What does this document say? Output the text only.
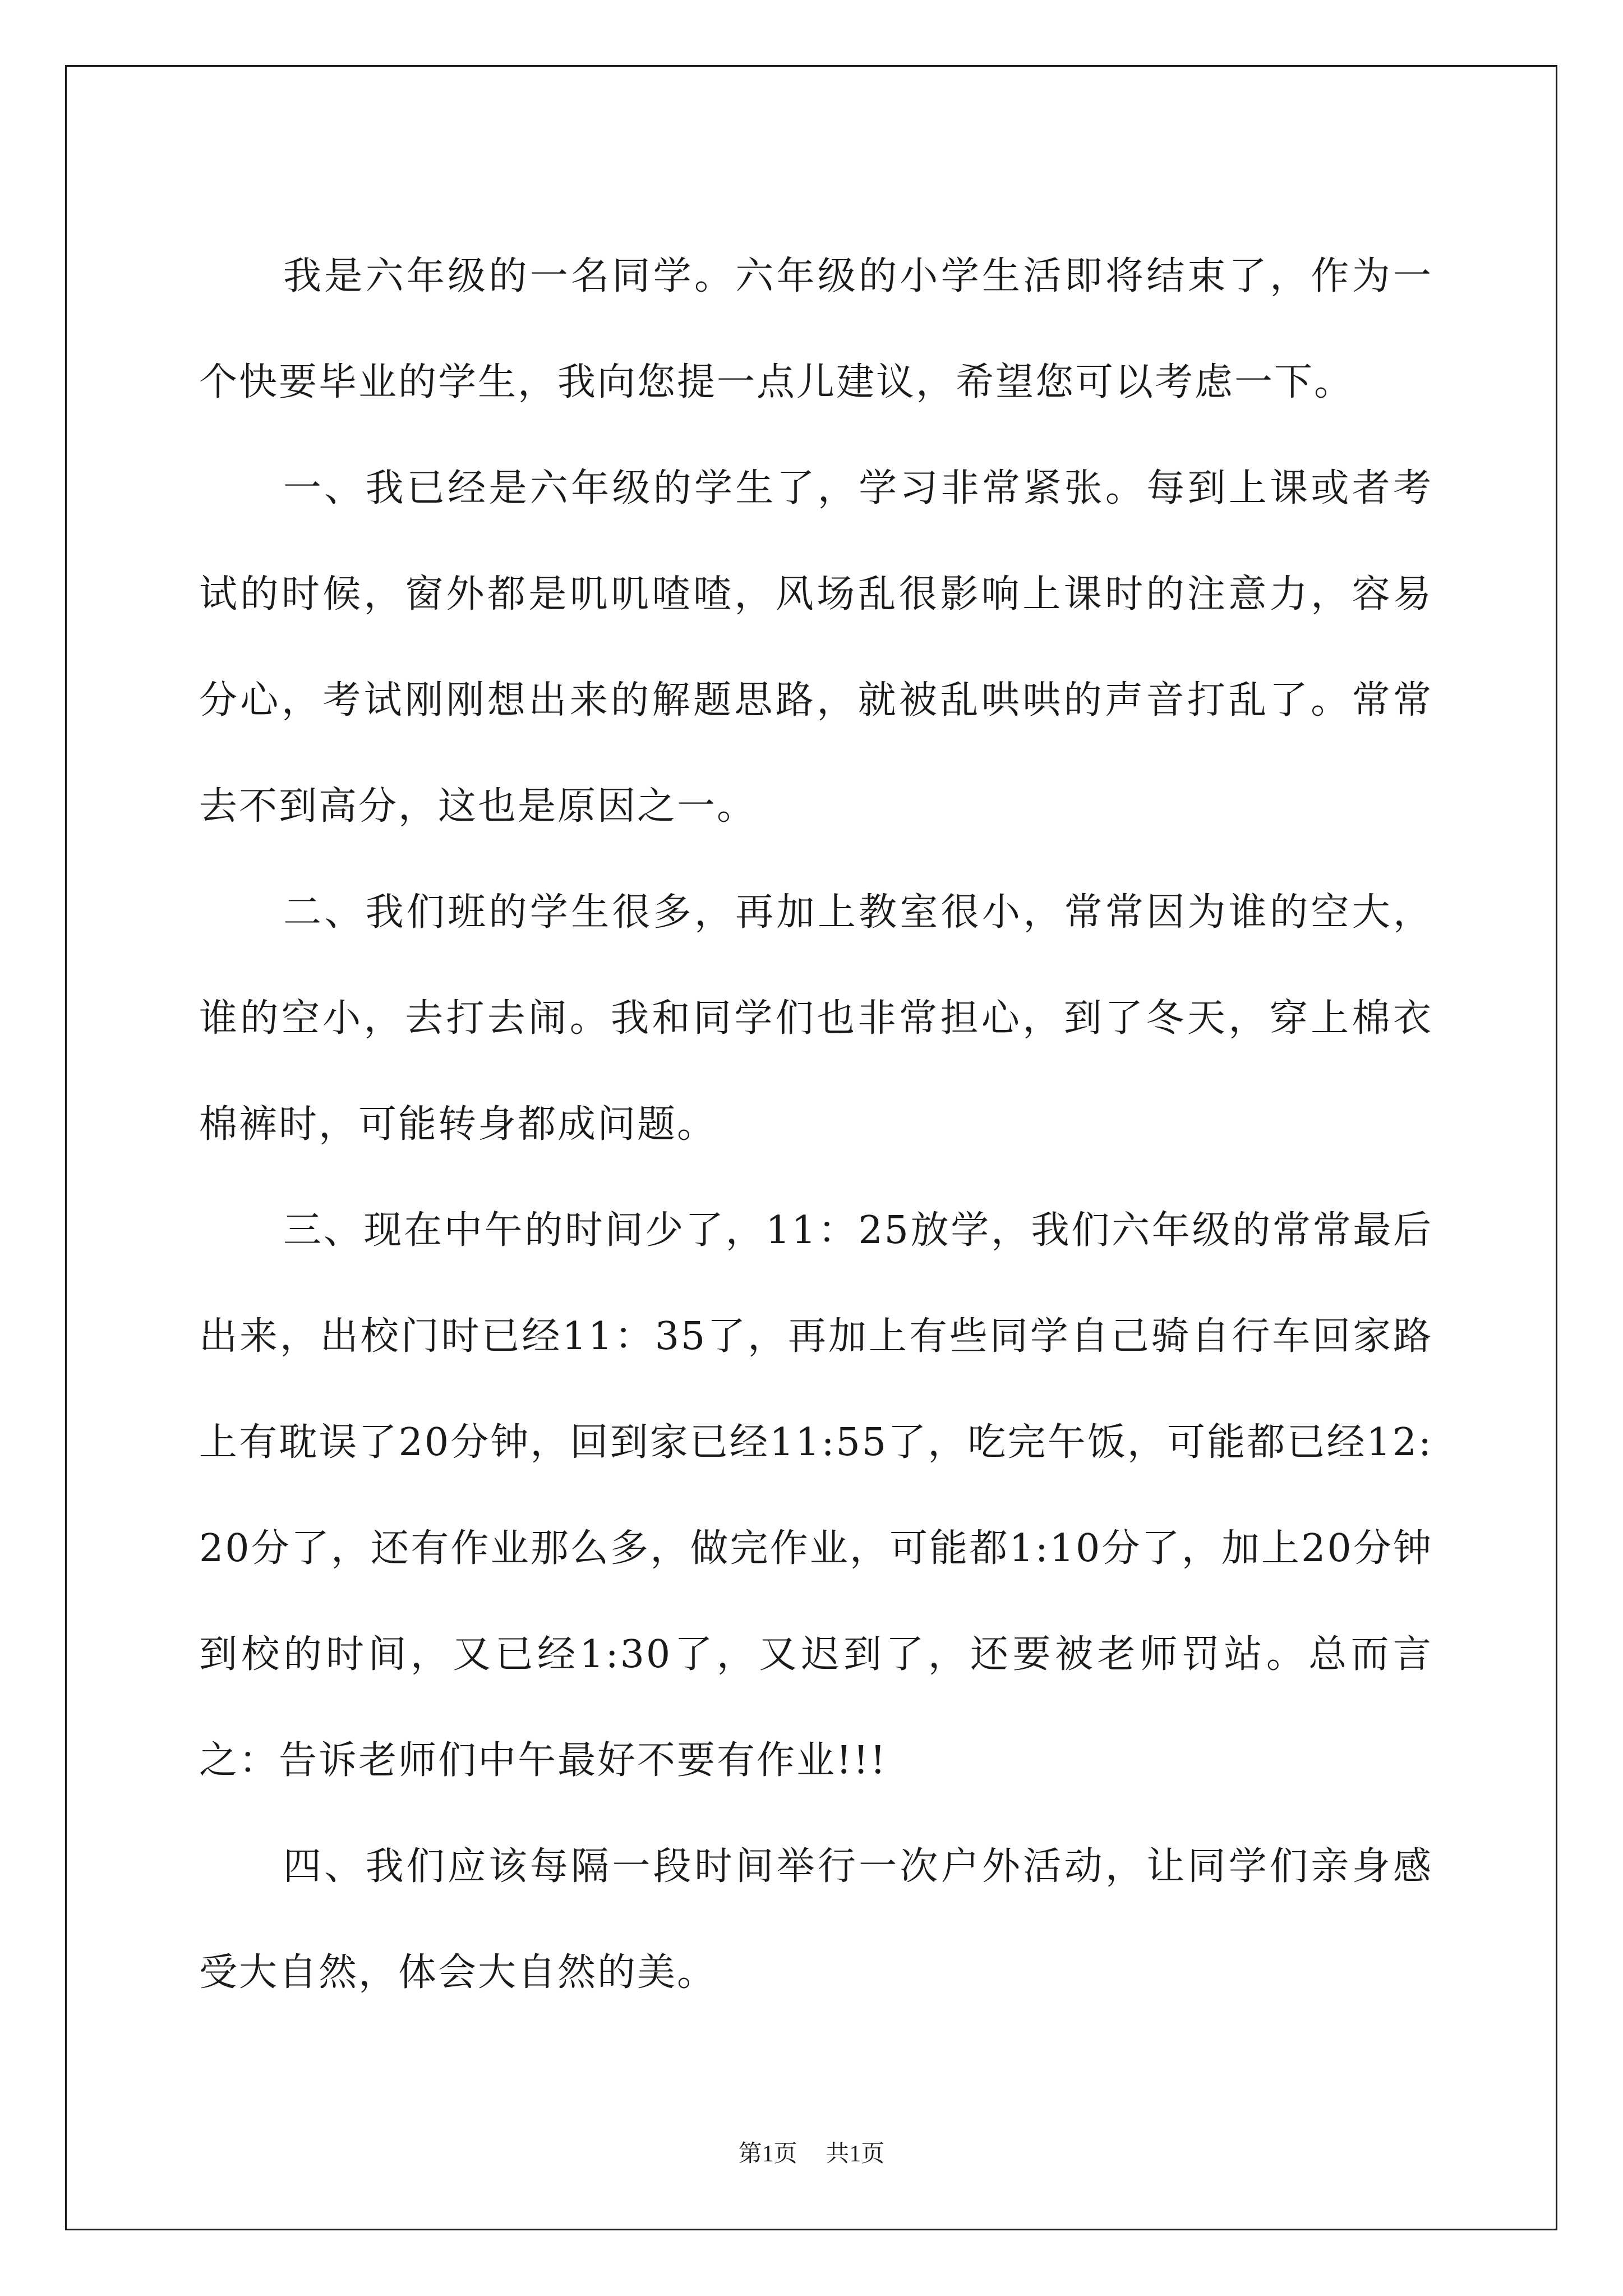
我是六年级的一名同学。六年级的小学生活即将结束了，作为一个快要毕业的学生，我向您提一点儿建议，希望您可以考虑一下。

一、我已经是六年级的学生了，学习非常紧张。每到上课或者考试的时候，窗外都是叽叽喳喳，风场乱很影响上课时的注意力，容易分心，考试刚刚想出来的解题思路，就被乱哄哄的声音打乱了。常常去不到高分，这也是原因之一。

二、我们班的学生很多，再加上教室很小，常常因为谁的空大，谁的空小，去打去闹。我和同学们也非常担心，到了冬天，穿上棉衣棉裤时，可能转身都成问题。

三、现在中午的时间少了，11：25放学，我们六年级的常常最后出来，出校门时已经11：35了，再加上有些同学自己骑自行车回家路上有耽误了20分钟，回到家已经11:55了，吃完午饭，可能都已经12:20分了，还有作业那么多，做完作业，可能都1:10分了，加上20分钟到校的时间，又已经1:30了，又迟到了，还要被老师罚站。总而言之：告诉老师们中午最好不要有作业!!!

四、我们应该每隔一段时间举行一次户外活动，让同学们亲身感受大自然，体会大自然的美。

第1页 共1页
